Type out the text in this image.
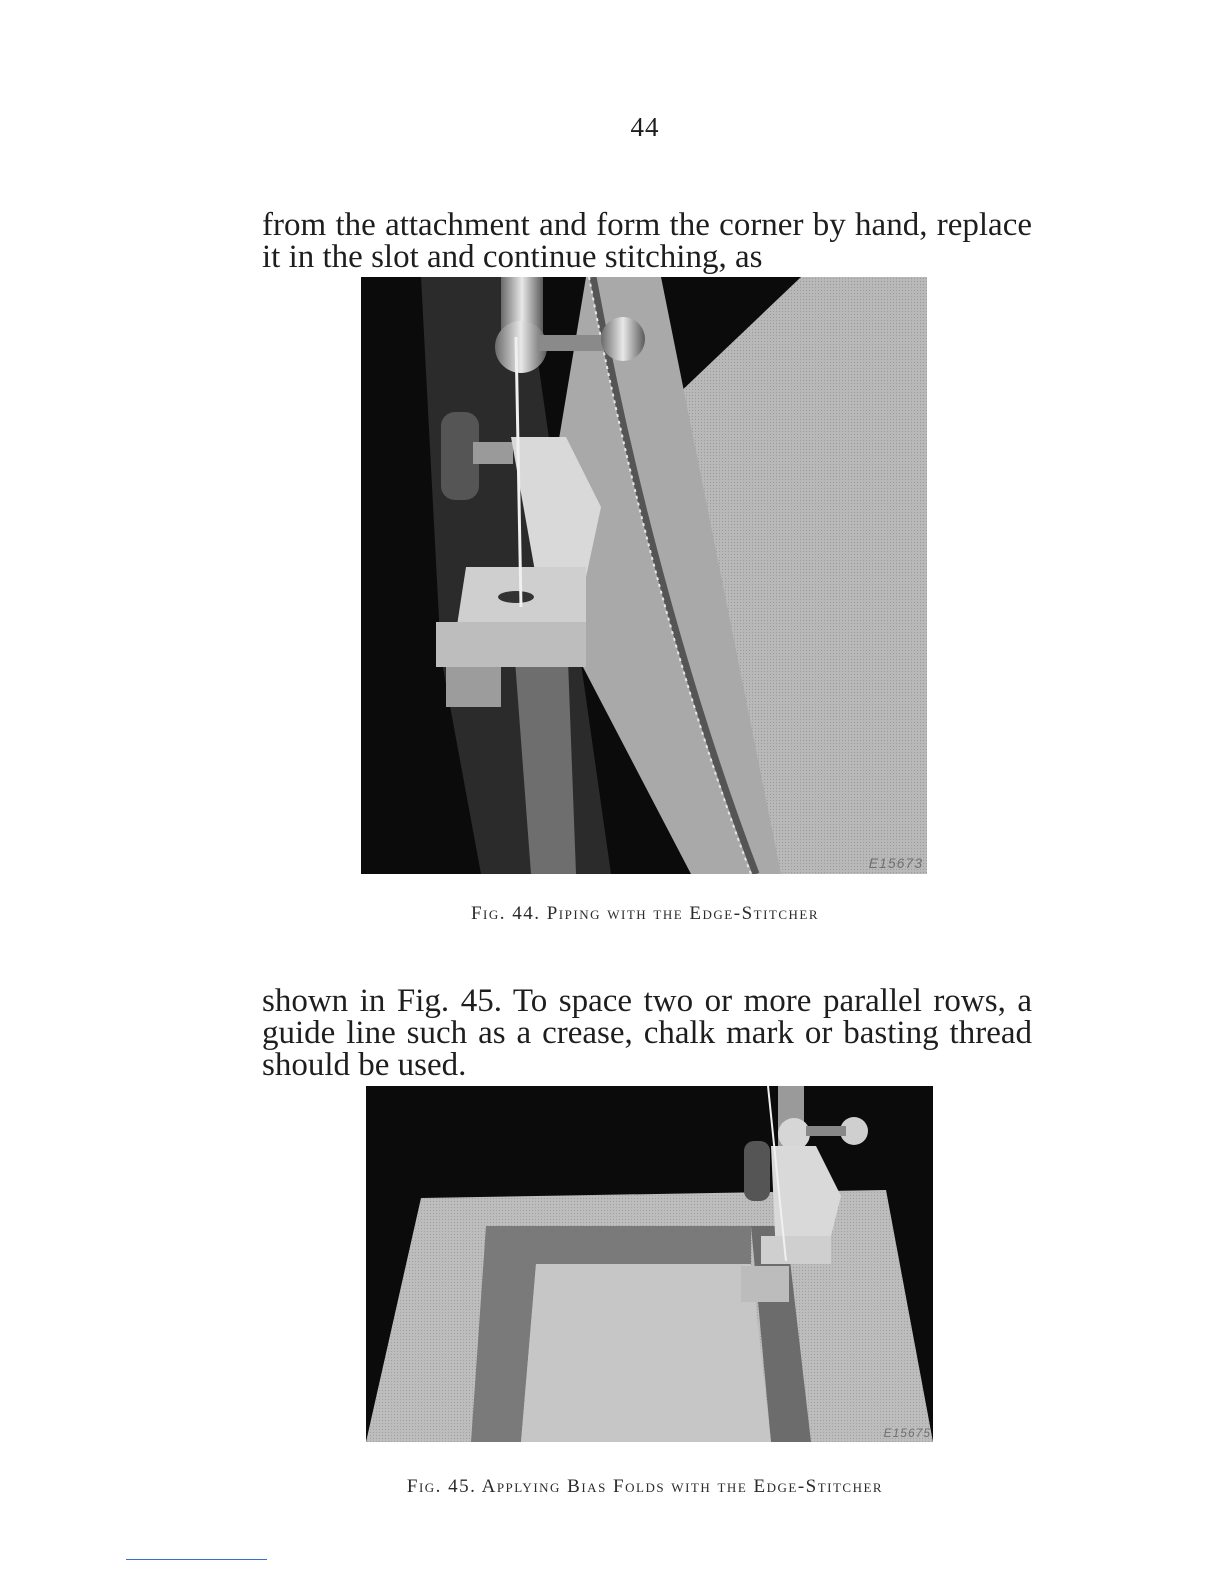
44

from the attachment and form the corner by hand, replace it in the slot and continue stitching, as

E15673
Fig. 44. Piping with the Edge-Stitcher

shown in Fig. 45. To space two or more parallel rows, a guide line such as a crease, chalk mark or basting thread should be used.

E15675
Fig. 45. Applying Bias Folds with the Edge-Stitcher
